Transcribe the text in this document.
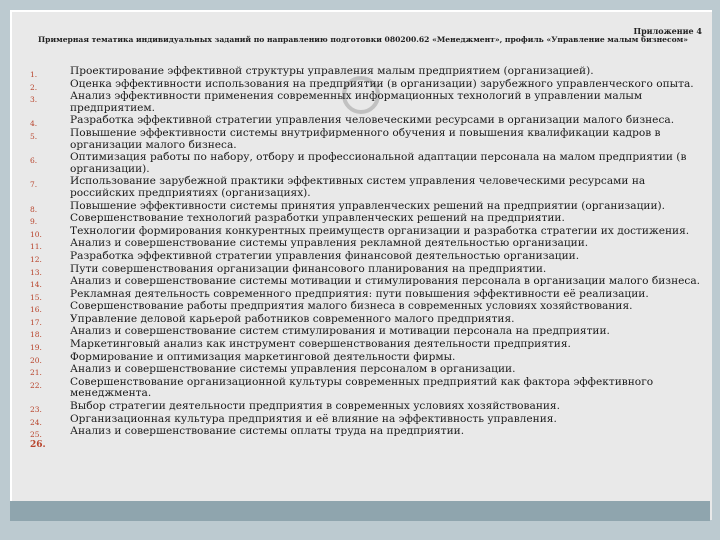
Приложение 4
Примерная тематика индивидуальных заданий по направлению подготовки 080200.62 «Менеджмент», профиль «Управление малым бизнесом»
1.	Проектирование эффективной структуры управления малым предприятием (организацией).
2.	Оценка эффективности использования на предприятии (в организации) зарубежного управленческого опыта.
3.	Анализ эффективности применения современных информационных технологий в управлении малым предприятием.
4.	Разработка эффективной стратегии управления человеческими ресурсами в организации малого бизнеса.
5.	Повышение эффективности системы внутрифирменного обучения и повышения квалификации кадров в организации малого бизнеса.
6.	Оптимизация работы по набору, отбору и профессиональной адаптации персонала на малом предприятии (в организации).
7.	Использование зарубежной практики эффективных систем управления человеческими ресурсами на российских предприятиях (организациях).
8.	Повышение эффективности системы принятия управленческих решений на предприятии (организации).
9.	Совершенствование технологий разработки управленческих решений на предприятии.
10.	Технологии формирования конкурентных преимуществ организации и разработка стратегии их достижения.
11.	Анализ и совершенствование системы управления рекламной деятельностью организации.
12.	Разработка эффективной стратегии управления финансовой деятельностью организации.
13.	Пути совершенствования организации финансового планирования на предприятии.
14.	Анализ и совершенствование системы мотивации и стимулирования персонала в организации малого бизнеса.
15.	Рекламная деятельность современного предприятия: пути повышения эффективности её реализации.
16.	Совершенствование работы предприятия малого бизнеса в современных условиях хозяйствования.
17.	Управление деловой карьерой работников современного малого предприятия.
18.	Анализ и совершенствование систем стимулирования и мотивации персонала на предприятии.
19.	Маркетинговый анализ как инструмент совершенствования деятельности предприятия.
20.	Формирование и оптимизация маркетинговой деятельности фирмы.
21.	Анализ и совершенствование системы управления персоналом в организации.
22.	Совершенствование организационной культуры современных предприятий как фактора эффективного менеджмента.
23.	Выбор стратегии деятельности предприятия в современных условиях хозяйствования.
24.	Организационная культура предприятия и её влияние на эффективность управления.
25.	Анализ и совершенствование системы оплаты труда на предприятии.
26.
